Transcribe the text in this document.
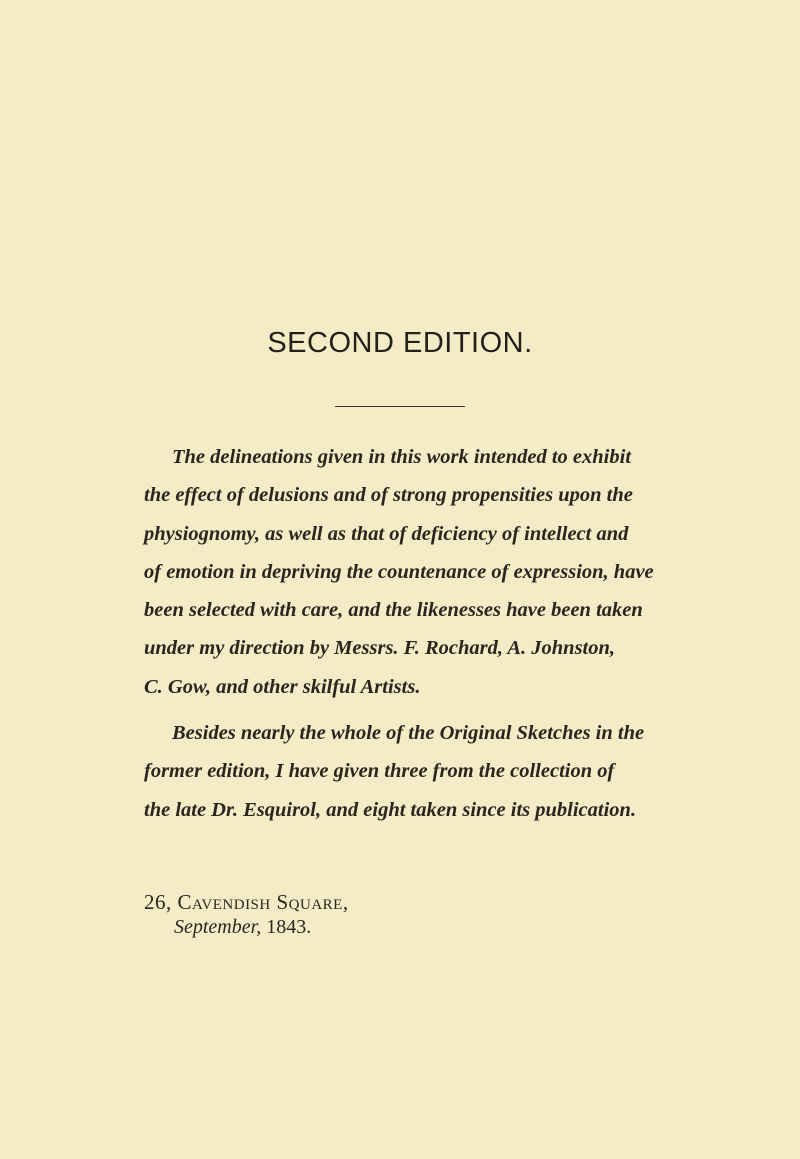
SECOND EDITION.

The delineations given in this work intended to exhibit
the effect of delusions and of strong propensities upon the
physiognomy, as well as that of deficiency of intellect and
of emotion in depriving the countenance of expression, have
been selected with care, and the likenesses have been taken
under my direction by Messrs. F. Rochard, A. Johnston,
C. Gow, and other skilful Artists.

Besides nearly the whole of the Original Sketches in the
former edition, I have given three from the collection of
the late Dr. Esquirol, and eight taken since its publication.

26, Cavendish Square,
September, 1843.
